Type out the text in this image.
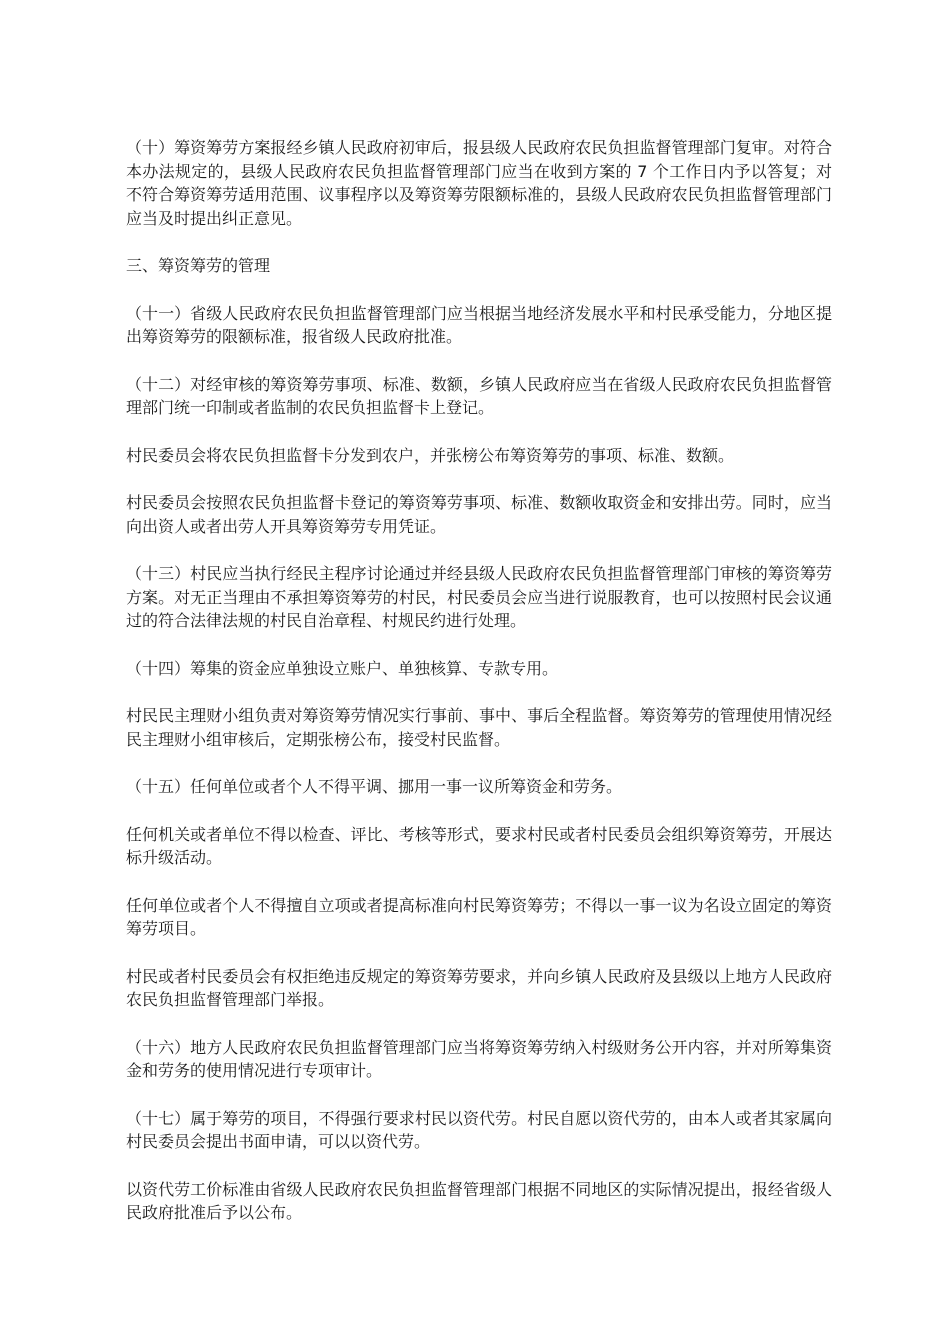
（十）筹资筹劳方案报经乡镇人民政府初审后，报县级人民政府农民负担监督管理部门复审。对符合本办法规定的，县级人民政府农民负担监督管理部门应当在收到方案的 7 个工作日内予以答复；对不符合筹资筹劳适用范围、议事程序以及筹资筹劳限额标准的，县级人民政府农民负担监督管理部门应当及时提出纠正意见。

三、筹资筹劳的管理

（十一）省级人民政府农民负担监督管理部门应当根据当地经济发展水平和村民承受能力，分地区提出筹资筹劳的限额标准，报省级人民政府批准。

（十二）对经审核的筹资筹劳事项、标准、数额，乡镇人民政府应当在省级人民政府农民负担监督管理部门统一印制或者监制的农民负担监督卡上登记。

村民委员会将农民负担监督卡分发到农户，并张榜公布筹资筹劳的事项、标准、数额。

村民委员会按照农民负担监督卡登记的筹资筹劳事项、标准、数额收取资金和安排出劳。同时，应当向出资人或者出劳人开具筹资筹劳专用凭证。

（十三）村民应当执行经民主程序讨论通过并经县级人民政府农民负担监督管理部门审核的筹资筹劳方案。对无正当理由不承担筹资筹劳的村民，村民委员会应当进行说服教育，也可以按照村民会议通过的符合法律法规的村民自治章程、村规民约进行处理。

（十四）筹集的资金应单独设立账户、单独核算、专款专用。

村民民主理财小组负责对筹资筹劳情况实行事前、事中、事后全程监督。筹资筹劳的管理使用情况经民主理财小组审核后，定期张榜公布，接受村民监督。

（十五）任何单位或者个人不得平调、挪用一事一议所筹资金和劳务。

任何机关或者单位不得以检查、评比、考核等形式，要求村民或者村民委员会组织筹资筹劳，开展达标升级活动。

任何单位或者个人不得擅自立项或者提高标准向村民筹资筹劳；不得以一事一议为名设立固定的筹资筹劳项目。

村民或者村民委员会有权拒绝违反规定的筹资筹劳要求，并向乡镇人民政府及县级以上地方人民政府农民负担监督管理部门举报。

（十六）地方人民政府农民负担监督管理部门应当将筹资筹劳纳入村级财务公开内容，并对所筹集资金和劳务的使用情况进行专项审计。

（十七）属于筹劳的项目，不得强行要求村民以资代劳。村民自愿以资代劳的，由本人或者其家属向村民委员会提出书面申请，可以以资代劳。

以资代劳工价标准由省级人民政府农民负担监督管理部门根据不同地区的实际情况提出，报经省级人民政府批准后予以公布。
